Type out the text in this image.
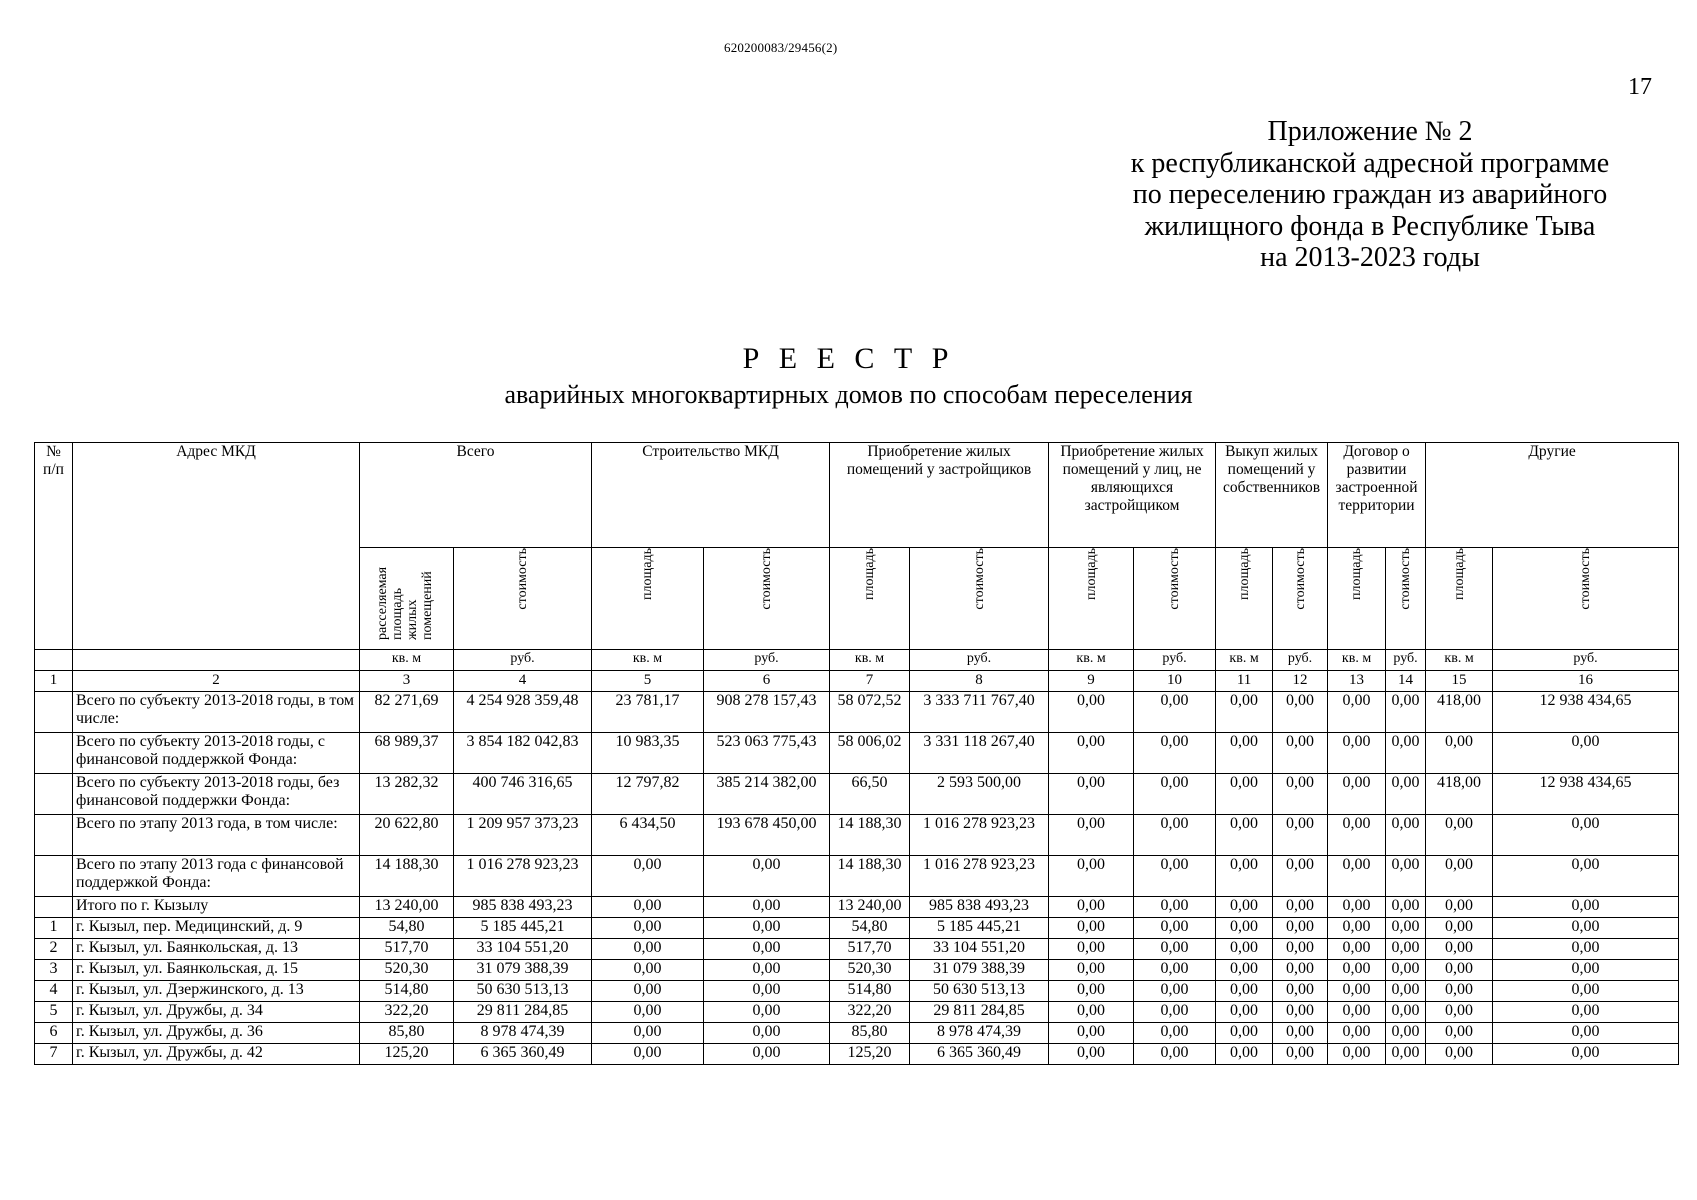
620200083/29456(2)
17
Приложение № 2
к республиканской адресной программе
по переселению граждан из аварийного
жилищного фонда в Республике Тыва
на 2013-2023 годы
Р Е Е С Т Р
аварийных многоквартирных домов по способам переселения
№ п/п	Адрес МКД	Всего		Строительство МКД		Приобретение жилых помещений у застройщиков		Приобретение жилых помещений у лиц, не являющихся застройщиком		Выкуп жилых помещений у собственников		Договор о развитии застроенной территории		Другие	
		расселяемая площадь жилых помещений	стоимость	площадь	стоимость	площадь	стоимость	площадь	стоимость	площадь	стоимость	площадь	стоимость	площадь	стоимость
		кв. м	руб.	кв. м	руб.	кв. м	руб.	кв. м	руб.	кв. м	руб.	кв. м	руб.	кв. м	руб.
1	2	3	4	5	6	7	8	9	10	11	12	13	14	15	16
	Всего по субъекту 2013-2018 годы, в том числе:	82 271,69	4 254 928 359,48	23 781,17	908 278 157,43	58 072,52	3 333 711 767,40	0,00	0,00	0,00	0,00	0,00	0,00	418,00	12 938 434,65
	Всего по субъекту 2013-2018 годы, с финансовой поддержкой Фонда:	68 989,37	3 854 182 042,83	10 983,35	523 063 775,43	58 006,02	3 331 118 267,40	0,00	0,00	0,00	0,00	0,00	0,00	0,00	0,00
	Всего по субъекту 2013-2018 годы, без финансовой поддержки Фонда:	13 282,32	400 746 316,65	12 797,82	385 214 382,00	66,50	2 593 500,00	0,00	0,00	0,00	0,00	0,00	0,00	418,00	12 938 434,65
	Всего по этапу 2013 года, в том числе:	20 622,80	1 209 957 373,23	6 434,50	193 678 450,00	14 188,30	1 016 278 923,23	0,00	0,00	0,00	0,00	0,00	0,00	0,00	0,00
	Всего по этапу 2013 года с финансовой поддержкой Фонда:	14 188,30	1 016 278 923,23	0,00	0,00	14 188,30	1 016 278 923,23	0,00	0,00	0,00	0,00	0,00	0,00	0,00	0,00
	Итого по г. Кызылу	13 240,00	985 838 493,23	0,00	0,00	13 240,00	985 838 493,23	0,00	0,00	0,00	0,00	0,00	0,00	0,00	0,00
1	г. Кызыл, пер. Медицинский, д. 9	54,80	5 185 445,21	0,00	0,00	54,80	5 185 445,21	0,00	0,00	0,00	0,00	0,00	0,00	0,00	0,00
2	г. Кызыл, ул. Баянкольская, д. 13	517,70	33 104 551,20	0,00	0,00	517,70	33 104 551,20	0,00	0,00	0,00	0,00	0,00	0,00	0,00	0,00
3	г. Кызыл, ул. Баянкольская, д. 15	520,30	31 079 388,39	0,00	0,00	520,30	31 079 388,39	0,00	0,00	0,00	0,00	0,00	0,00	0,00	0,00
4	г. Кызыл, ул. Дзержинского, д. 13	514,80	50 630 513,13	0,00	0,00	514,80	50 630 513,13	0,00	0,00	0,00	0,00	0,00	0,00	0,00	0,00
5	г. Кызыл, ул. Дружбы, д. 34	322,20	29 811 284,85	0,00	0,00	322,20	29 811 284,85	0,00	0,00	0,00	0,00	0,00	0,00	0,00	0,00
6	г. Кызыл, ул. Дружбы, д. 36	85,80	8 978 474,39	0,00	0,00	85,80	8 978 474,39	0,00	0,00	0,00	0,00	0,00	0,00	0,00	0,00
7	г. Кызыл, ул. Дружбы, д. 42	125,20	6 365 360,49	0,00	0,00	125,20	6 365 360,49	0,00	0,00	0,00	0,00	0,00	0,00	0,00	0,00
